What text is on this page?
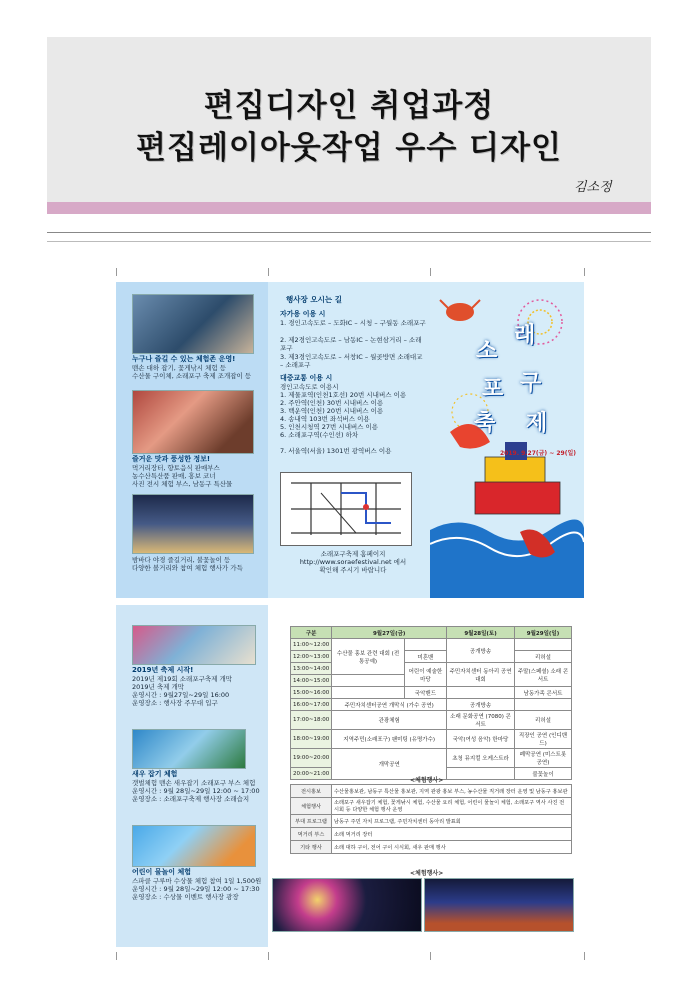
편집디자인 취업과정
편집레이아웃작업 우수 디자인
김소정
누구나 즐길 수 있는 체험존 운영!
맨손 대하 잡기, 꽃게낚시 체험 등
수산물 구이체, 소래포구 축제 조개잡이 등
즐거운 맛과 풍성한 정보!
먹거리장터, 향토음식 판매부스
농수산특산품 판매, 홍보 코너
사진 전시 체험 부스, 남동구 특산물
밤바다 야경 즐길거리, 불꽃놀이 등
다양한 볼거리와 참여 체험 행사가 가득
행사장 오시는 길
자가용 이용 시
1. 경인고속도로 – 도화IC – 시청 – 구월동 소래포구
2. 제2경인고속도로 – 남동IC – 논현삼거리 – 소래포구
3. 제3경인고속도로 – 서창IC – 월곶방면 소래대교 – 소래포구
대중교통 이용 시
경인고속도로 이용시
1. 제물포역(인천1호선) 20번 시내버스 이용
2. 주안역(인천) 30번 시내버스 이용
3. 백운역(인천) 20번 시내버스 이용
4. 송내역 103번 좌석버스 이용
5. 인천시청역 27번 시내버스 이용
6. 소래포구역(수인선) 하차
7. 서울역(서울) 1301번 광역버스 이용
소래포구축제 홈페이지
http://www.soraefestival.net 에서
확인해 주시기 바랍니다
소
래
포 구
축 제
2019. 9.27(금) ~ 29(일)
2019년 축제 시작!
2019년 제19회 소래포구축제 개막
2019년 축제 개막
운영시간 : 9월27일~29일 16:00
운영장소 : 행사장 주무대 입구
새우 잡기 체험
갯벌체험 맨손 새우잡기 소래포구 부스 체험
운영시간 : 9월 28일~29일 12:00 ~ 17:00
운영장소 : 소래포구축제 행사장 소래습지
어린이 물놀이 체험
스파클 구루마 수상물 체험 참여 1일 1,500원
운영시간 : 9월 28일~29일 12:00 ~ 17:30
운영장소 : 수상물 이벤트 행사장 광장
구분	9월27일(금)		9월28일(토)	9월29일(일)
11:00~12:00	수산물 홍보 관련 대회 (전통공예)		공개방송	
12:00~13:00		미혼밴		리허설
13:00~14:00		어린이 예술한마당	주민자치센터 동아리 공연대회	주말(스페셜) 소래 콘서트
14:00~15:00				
15:00~16:00		국악밴드		남동가족 콘서트
16:00~17:00	주민자치센터공연 개막식 (가수 공연)		공개방송	
17:00~18:00	관광체험		소래 문화공연 (7080) 콘서트	리허설
18:00~19:00	지역주민(소래포구) 팬미팅 (유명가수)		국악(여성 음악) 한마당	직장인 공연 (인디밴드)
19:00~20:00	개막공연		초청 뮤지컬 오케스트라	폐막공연 (미스트롯 공연)
20:00~21:00				불꽃놀이
<체험행사>
전시홍보	수산물홍보관, 남동구 특산물 홍보관, 지역 관광 홍보 부스, 농수산물 직거래 장터 운영 및 남동구 홍보관
체험행사	소래포구 새우잡기 체험, 꽃게낚시 체험, 수산물 요리 체험, 어린이 물놀이 체험, 소래포구 역사 사진 전시회 등 다양한 체험 행사 운영
부대 프로그램	남동구 주민 자치 프로그램, 주민자치센터 동아리 발표회
먹거리 부스	소래 먹거리 장터
기타 행사	소래 대하 구이, 전어 구이 시식회, 새우 판매 행사
<체험행사>
